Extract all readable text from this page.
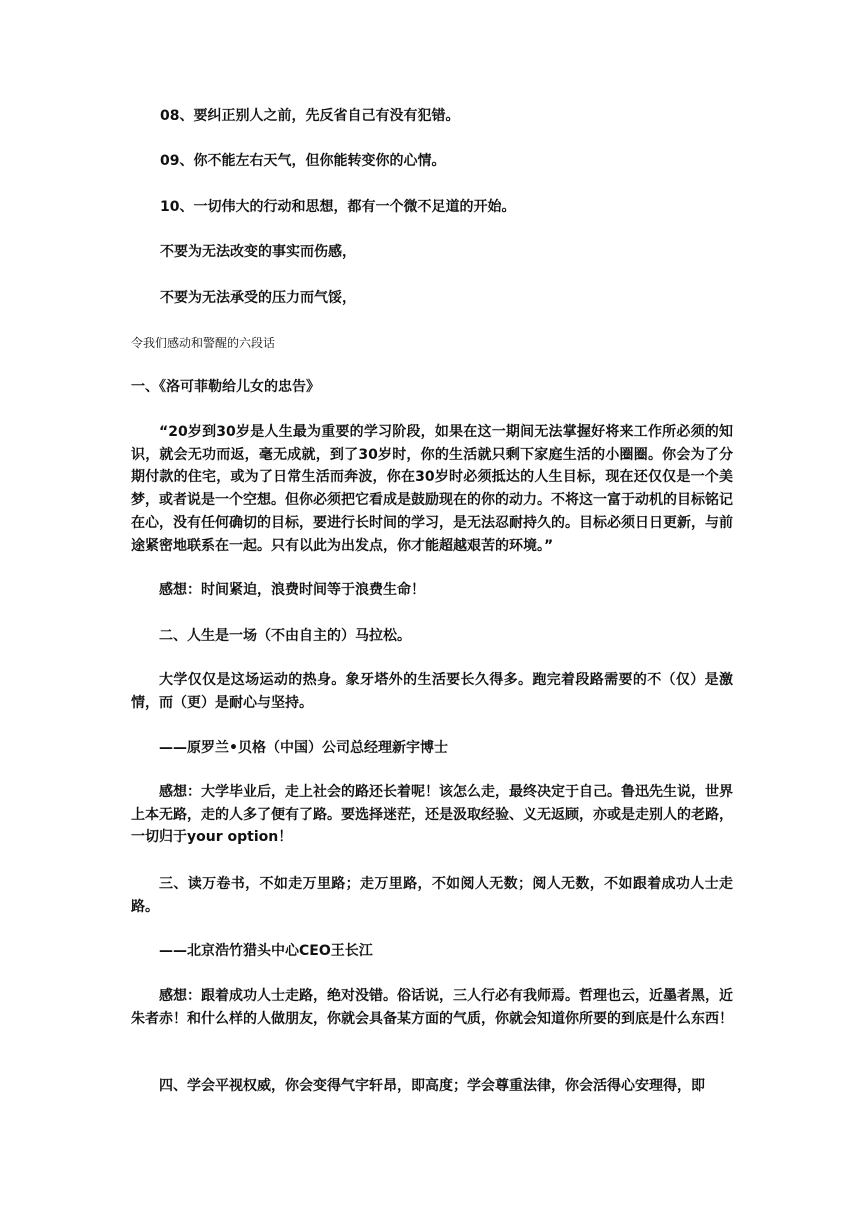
08、要纠正别人之前，先反省自己有没有犯错。

09、你不能左右天气，但你能转变你的心情。

10、一切伟大的行动和思想，都有一个微不足道的开始。

不要为无法改变的事实而伤感，

不要为无法承受的压力而气馁，

令我们感动和警醒的六段话

一、《洛可菲勒给儿女的忠告》

“20岁到30岁是人生最为重要的学习阶段，如果在这一期间无法掌握好将来工作所必须的知识，就会无功而返，毫无成就，到了30岁时，你的生活就只剩下家庭生活的小圈圈。你会为了分期付款的住宅，或为了日常生活而奔波，你在30岁时必须抵达的人生目标，现在还仅仅是一个美梦，或者说是一个空想。但你必须把它看成是鼓励现在的你的动力。不将这一富于动机的目标铭记在心，没有任何确切的目标，要进行长时间的学习，是无法忍耐持久的。目标必须日日更新，与前途紧密地联系在一起。只有以此为出发点，你才能超越艰苦的环境。”

感想：时间紧迫，浪费时间等于浪费生命！

二、人生是一场（不由自主的）马拉松。

大学仅仅是这场运动的热身。象牙塔外的生活要长久得多。跑完着段路需要的不（仅）是激情，而（更）是耐心与坚持。

——原罗兰•贝格（中国）公司总经理新宇博士

感想：大学毕业后，走上社会的路还长着呢！该怎么走，最终决定于自己。鲁迅先生说，世界上本无路，走的人多了便有了路。要选择迷茫，还是汲取经验、义无返顾，亦或是走别人的老路，一切归于your option！

三、读万卷书，不如走万里路；走万里路，不如阅人无数；阅人无数，不如跟着成功人士走路。

——北京浩竹猎头中心CEO王长江

感想：跟着成功人士走路，绝对没错。俗话说，三人行必有我师焉。哲理也云，近墨者黑，近朱者赤！和什么样的人做朋友，你就会具备某方面的气质，你就会知道你所要的到底是什么东西！

四、学会平视权威，你会变得气宇轩昂，即高度；学会尊重法律，你会活得心安理得，即
